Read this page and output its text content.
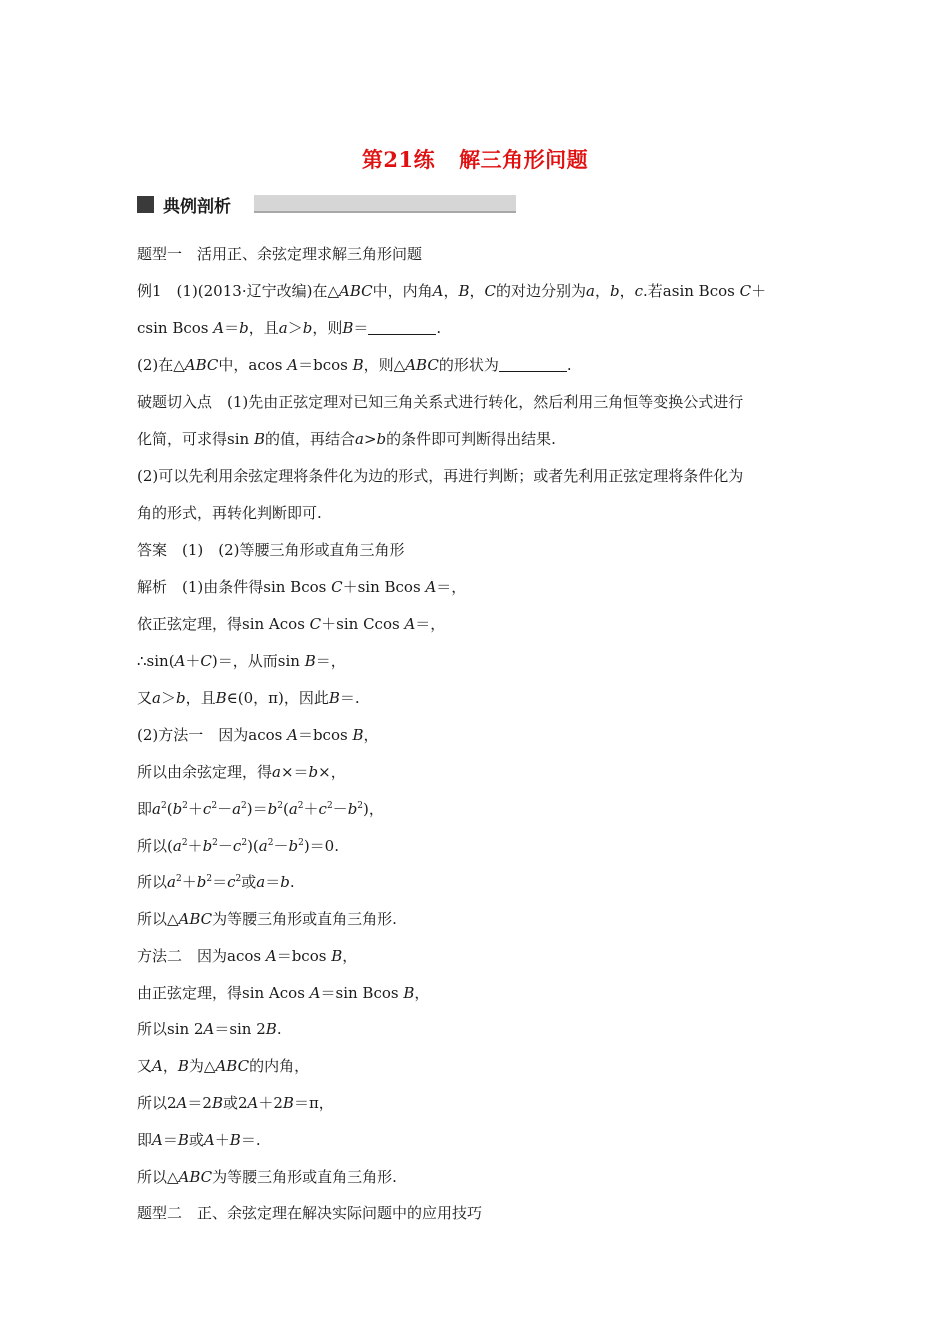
第21练 解三角形问题
典例剖析
题型一　活用正、余弦定理求解三角形问题
例1　(1)(2013·辽宁改编)在△ABC中，内角A，B，C的对边分别为a，b，c.若asin Bcos C＋
csin Bcos A＝b，且a＞b，则B＝	.
(2)在△ABC中，acos A＝bcos B，则△ABC的形状为	.
破题切入点　(1)先由正弦定理对已知三角关系式进行转化，然后利用三角恒等变换公式进行
化简，可求得sin B的值，再结合a>b的条件即可判断得出结果.
(2)可以先利用余弦定理将条件化为边的形式，再进行判断；或者先利用正弦定理将条件化为
角的形式，再转化判断即可.
答案　(1)　(2)等腰三角形或直角三角形
解析　(1)由条件得sin Bcos C＋sin Bcos A＝，
依正弦定理，得sin Acos C＋sin Ccos A＝，
∴sin(A＋C)＝，从而sin B＝，
又a＞b，且B∈(0，π)，因此B＝.
(2)方法一　因为acos A＝bcos B，
所以由余弦定理，得a×＝b×，
即$a^2(b^2+c^2-a^2)=b^2(a^2+c^2-b^2)$，
所以$(a^2+b^2-c^2)(a^2-b^2)=0$.
所以$a^2+b^2=c^2$或a＝b.
所以△ABC为等腰三角形或直角三角形.
方法二　因为acos A＝bcos B，
由正弦定理，得sin Acos A＝sin Bcos B，
所以sin 2A＝sin 2B.
又A，B为△ABC的内角，
所以2A＝2B或2A＋2B＝π，
即A＝B或A＋B＝.
所以△ABC为等腰三角形或直角三角形.
题型二　正、余弦定理在解决实际问题中的应用技巧
